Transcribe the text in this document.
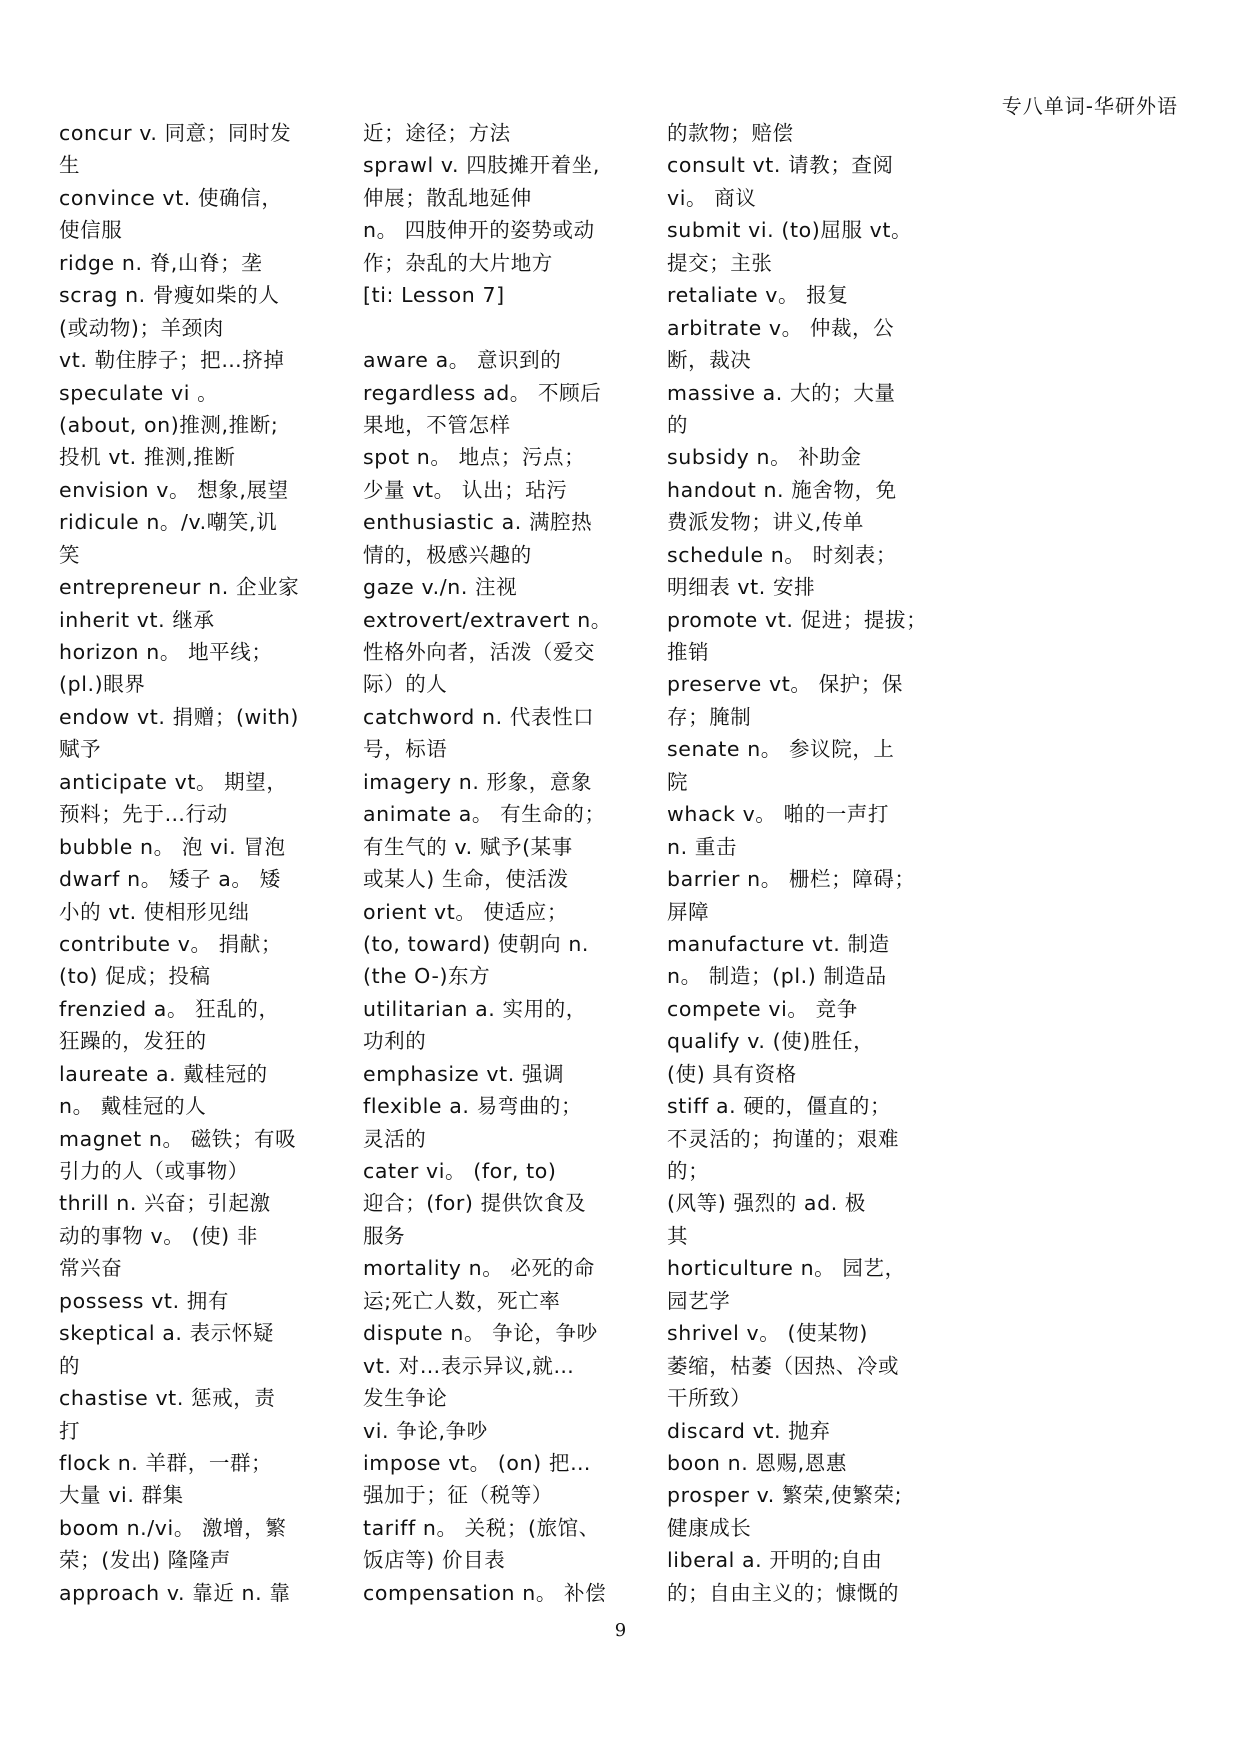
专八单词-华研外语
concur v. 同意；同时发
生
convince vt. 使确信，
使信服
ridge n. 脊,山脊；垄
scrag n. 骨瘦如柴的人
(或动物)；羊颈肉
vt. 勒住脖子；把…挤掉
speculate vi 。
(about, on)推测,推断;
投机 vt. 推测,推断
envision v。 想象,展望
ridicule n。/v.嘲笑,讥
笑
entrepreneur n. 企业家
inherit vt. 继承
horizon n。 地平线；
(pl.)眼界
endow vt. 捐赠；(with)
赋予
anticipate vt。 期望，
预料；先于…行动
bubble n。 泡 vi. 冒泡
dwarf n。 矮子 a。 矮
小的 vt. 使相形见绌
contribute v。 捐献；
(to) 促成；投稿
frenzied a。 狂乱的，
狂躁的，发狂的
laureate a. 戴桂冠的
n。 戴桂冠的人
magnet n。 磁铁；有吸
引力的人（或事物）
thrill n. 兴奋；引起激
动的事物 v。 (使) 非
常兴奋
possess vt. 拥有
skeptical a. 表示怀疑
的
chastise vt. 惩戒，责
打
flock n. 羊群，一群；
大量 vi. 群集
boom n./vi。 激增，繁
荣；(发出) 隆隆声
approach v. 靠近 n. 靠
近；途径；方法
sprawl v. 四肢摊开着坐,
伸展；散乱地延伸
n。 四肢伸开的姿势或动
作；杂乱的大片地方
[ti: Lesson 7]
aware a。 意识到的
regardless ad。 不顾后
果地，不管怎样
spot n。 地点；污点；
少量 vt。 认出；玷污
enthusiastic a. 满腔热
情的，极感兴趣的
gaze v./n. 注视
extrovert/extravert n。
性格外向者，活泼（爱交
际）的人
catchword n. 代表性口
号，标语
imagery n. 形象，意象
animate a。 有生命的；
有生气的 v. 赋予(某事
或某人) 生命，使活泼
orient vt。 使适应；
(to, toward) 使朝向 n.
(the O-)东方
utilitarian a. 实用的，
功利的
emphasize vt. 强调
flexible a. 易弯曲的；
灵活的
cater vi。 (for, to)
迎合；(for) 提供饮食及
服务
mortality n。 必死的命
运;死亡人数，死亡率
dispute n。 争论，争吵
vt. 对…表示异议,就…
发生争论
vi. 争论,争吵
impose vt。 (on) 把…
强加于；征（税等）
tariff n。 关税；(旅馆、
饭店等) 价目表
compensation n。 补偿
的款物；赔偿
consult vt. 请教；查阅
vi。 商议
submit vi. (to)屈服 vt。
提交；主张
retaliate v。 报复
arbitrate v。 仲裁，公
断，裁决
massive a. 大的；大量
的
subsidy n。 补助金
handout n. 施舍物，免
费派发物；讲义,传单
schedule n。 时刻表；
明细表 vt. 安排
promote vt. 促进；提拔；
推销
preserve vt。 保护；保
存；腌制
senate n。 参议院，上
院
whack v。 啪的一声打
n. 重击
barrier n。 栅栏；障碍；
屏障
manufacture vt. 制造
n。 制造；(pl.) 制造品
compete vi。 竞争
qualify v. (使)胜任，
(使) 具有资格
stiff a. 硬的，僵直的；
不灵活的；拘谨的；艰难
的；
(风等) 强烈的 ad. 极
其
horticulture n。 园艺，
园艺学
shrivel v。 (使某物)
萎缩，枯萎（因热、冷或
干所致）
discard vt. 抛弃
boon n. 恩赐,恩惠
prosper v. 繁荣,使繁荣;
健康成长
liberal a. 开明的;自由
的；自由主义的；慷慨的
9
